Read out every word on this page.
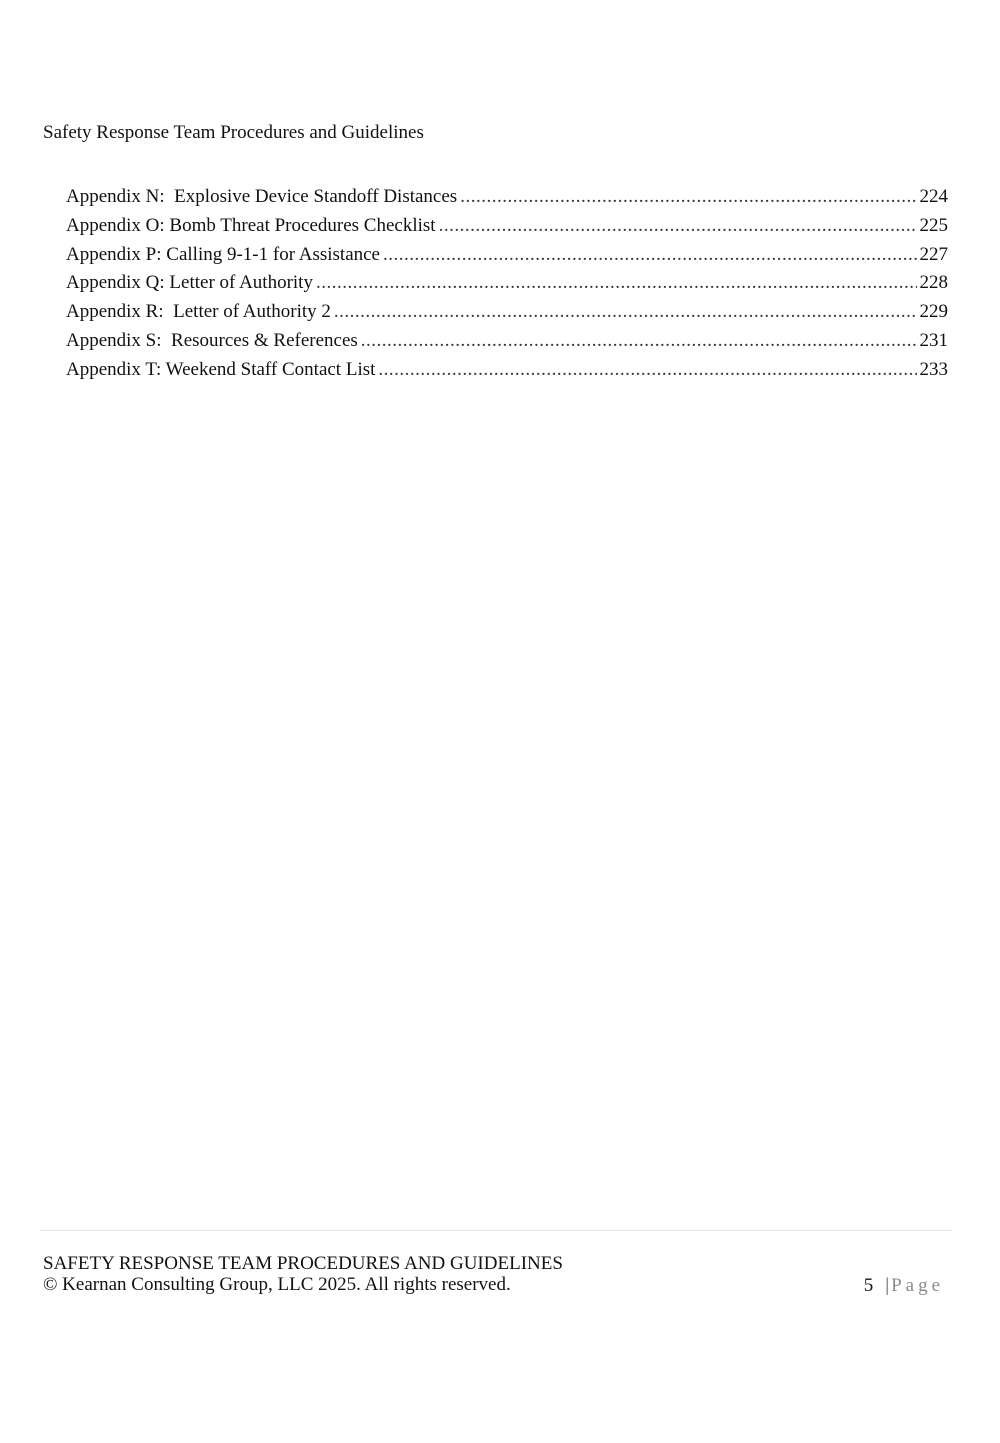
Safety Response Team Procedures and Guidelines
Appendix N:  Explosive Device Standoff Distances .....	224
Appendix O: Bomb Threat Procedures Checklist .....	225
Appendix P: Calling 9-1-1 for Assistance .....	227
Appendix Q: Letter of Authority .....	228
Appendix R:  Letter of Authority 2 .....	229
Appendix S:  Resources & References .....	231
Appendix T: Weekend Staff Contact List .....	233
SAFETY RESPONSE TEAM PROCEDURES AND GUIDELINES
© Kearnan Consulting Group, LLC 2025. All rights reserved.	5 | Page
